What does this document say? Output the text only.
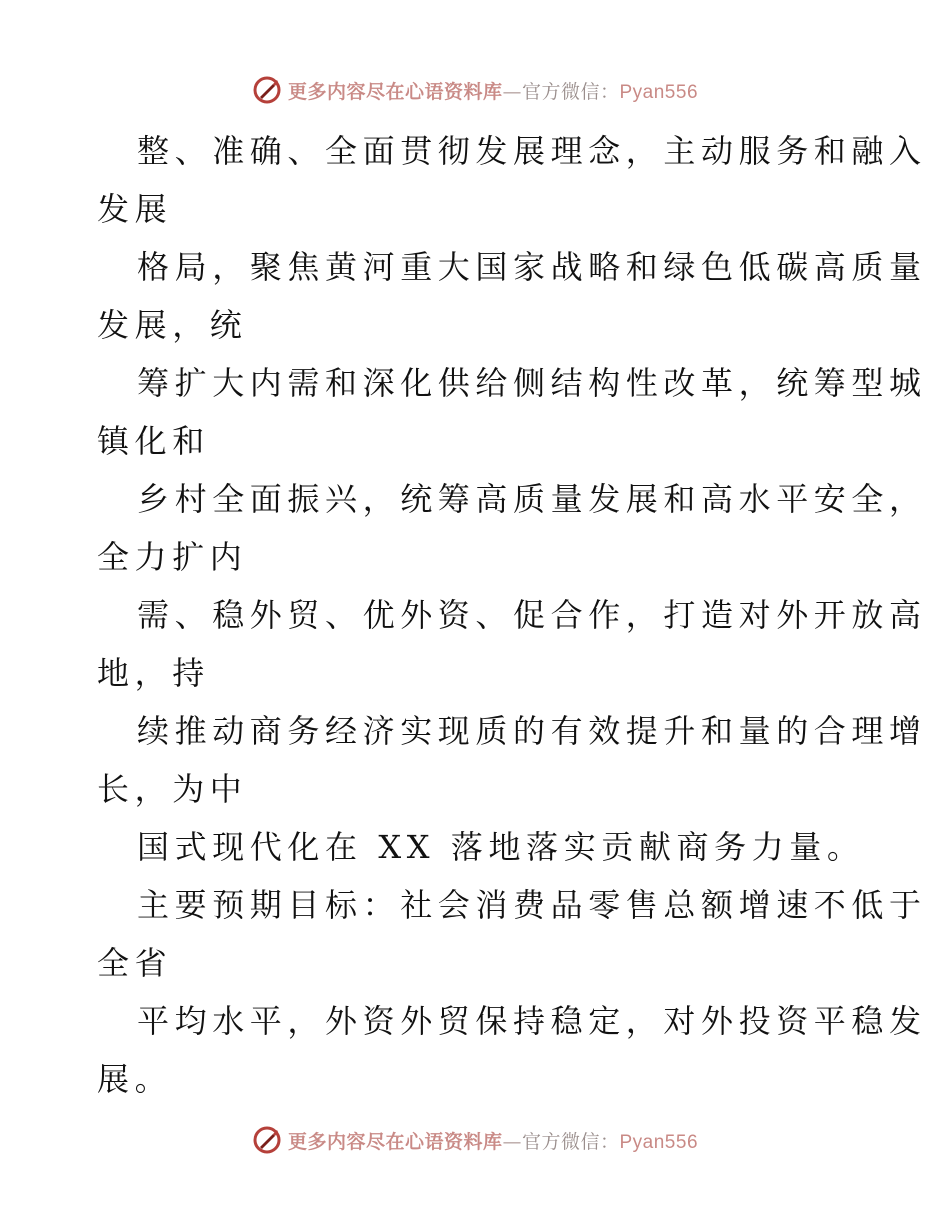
更多内容尽在心语资料库—官方微信：Pyan556
整、准确、全面贯彻发展理念，主动服务和融入
发展
格局，聚焦黄河重大国家战略和绿色低碳高质量
发展，统
筹扩大内需和深化供给侧结构性改革，统筹型城
镇化和
乡村全面振兴，统筹高质量发展和高水平安全，
全力扩内
需、稳外贸、优外资、促合作，打造对外开放高
地，持
续推动商务经济实现质的有效提升和量的合理增
长，为中
国式现代化在 XX 落地落实贡献商务力量。
主要预期目标：社会消费品零售总额增速不低于
全省
平均水平，外资外贸保持稳定，对外投资平稳发
展。
更多内容尽在心语资料库—官方微信：Pyan556
